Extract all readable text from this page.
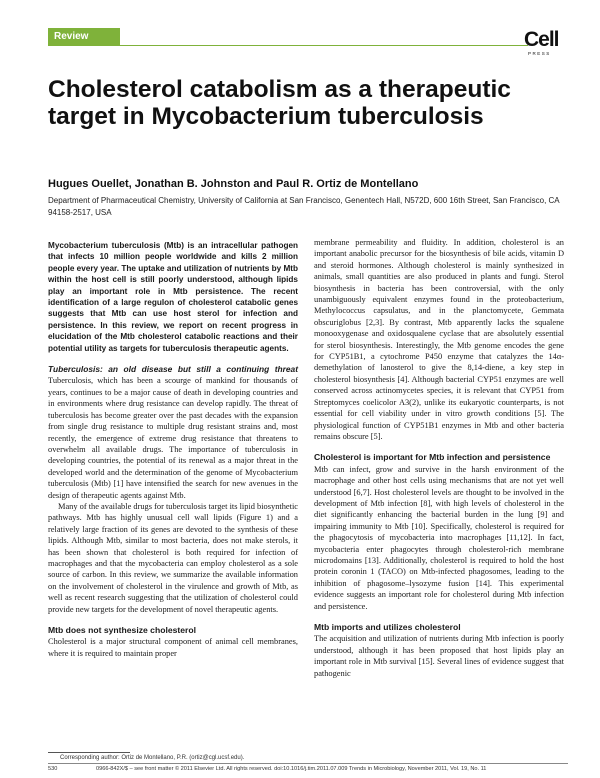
Review	Cell
PRESS
Cholesterol catabolism as a therapeutic target in Mycobacterium tuberculosis
Hugues Ouellet, Jonathan B. Johnston and Paul R. Ortiz de Montellano
Department of Pharmaceutical Chemistry, University of California at San Francisco, Genentech Hall, N572D, 600 16th Street, San Francisco, CA 94158-2517, USA

Mycobacterium tuberculosis (Mtb) is an intracellular pathogen that infects 10 million people worldwide and kills 2 million people every year. The uptake and utilization of nutrients by Mtb within the host cell is still poorly understood, although lipids play an important role in Mtb persistence. The recent identification of a large regulon of cholesterol catabolic genes suggests that Mtb can use host sterol for infection and persistence. In this review, we report on recent progress in elucidation of the Mtb cholesterol catabolic reactions and their potential utility as targets for tuberculosis therapeutic agents.

Tuberculosis: an old disease but still a continuing threat Tuberculosis, which has been a scourge of mankind for thousands of years, continues to be a major cause of death in developing countries and in environments where drug resistance can develop rapidly. The threat of tuberculosis has become greater over the past decades with the expansion from single drug resistance to multiple drug resistant strains and, most recently, the emergence of extreme drug resistance that threatens to overwhelm all available drugs. The importance of tuberculosis in developing countries, the potential of its renewal as a major threat in the developed world and the determination of the genome of Mycobacterium tuberculosis (Mtb) [1] have intensified the search for new avenues in the design of therapeutic agents against Mtb.

Many of the available drugs for tuberculosis target its lipid biosynthetic pathways. Mtb has highly unusual cell wall lipids (Figure 1) and a relatively large fraction of its genes are devoted to the synthesis of these lipids. Although Mtb, similar to most bacteria, does not make sterols, it has been shown that cholesterol is both required for infection of macrophages and that the mycobacteria can employ cholesterol as a sole source of carbon. In this review, we summarize the available information on the involvement of cholesterol in the virulence and growth of Mtb, as well as recent research suggesting that the utilization of cholesterol could provide new targets for the development of novel therapeutic agents.

Mtb does not synthesize cholesterol

Cholesterol is a major structural component of animal cell membranes, where it is required to maintain proper

membrane permeability and fluidity. In addition, cholesterol is an important anabolic precursor for the biosynthesis of bile acids, vitamin D and steroid hormones. Although cholesterol is mainly synthesized in animals, small quantities are also produced in plants and fungi. Sterol biosynthesis in bacteria has been controversial, with the only unambiguously equivalent enzymes found in the proteobacterium, Methylococcus capsulatus, and in the planctomycete, Gemmata obscuriglobus [2,3]. By contrast, Mtb apparently lacks the squalene monooxygenase and oxidosqualene cyclase that are absolutely essential for sterol biosynthesis. Interestingly, the Mtb genome encodes the gene for CYP51B1, a cytochrome P450 enzyme that catalyzes the 14α-demethylation of lanosterol to give the 8,14-diene, a key step in cholesterol biosynthesis [4]. Although bacterial CYP51 enzymes are well conserved across actinomycetes species, it is relevant that CYP51 from Streptomyces coelicolor A3(2), unlike its eukaryotic counterparts, is not essential for cell viability under in vitro growth conditions [5]. The physiological function of CYP51B1 enzymes in Mtb and other bacteria remains obscure [5].

Cholesterol is important for Mtb infection and persistence

Mtb can infect, grow and survive in the harsh environment of the macrophage and other host cells using mechanisms that are not yet well understood [6,7]. Host cholesterol levels are thought to be involved in the development of Mtb infection [8], with high levels of cholesterol in the diet significantly enhancing the bacterial burden in the lung [9] and impairing immunity to Mtb [10]. Specifically, cholesterol is required for the phagocytosis of mycobacteria into macrophages [11,12]. In fact, mycobacteria enter phagocytes through cholesterol-rich membrane microdomains [13]. Additionally, cholesterol is required to hold the host protein coronin 1 (TACO) on Mtb-infected phagosomes, leading to the inhibition of phagosome–lysozyme fusion [14]. This experimental evidence suggests an important role for cholesterol during Mtb infection and persistence.

Mtb imports and utilizes cholesterol

The acquisition and utilization of nutrients during Mtb infection is poorly understood, although it has been proposed that host lipids play an important role in Mtb survival [15]. Several lines of evidence suggest that pathogenic

Corresponding author: Ortiz de Montellano, P.R. (ortiz@cgl.ucsf.edu).
530	0966-842X/$ – see front matter © 2011 Elsevier Ltd. All rights reserved. doi:10.1016/j.tim.2011.07.009 Trends in Microbiology, November 2011, Vol. 19, No. 11
